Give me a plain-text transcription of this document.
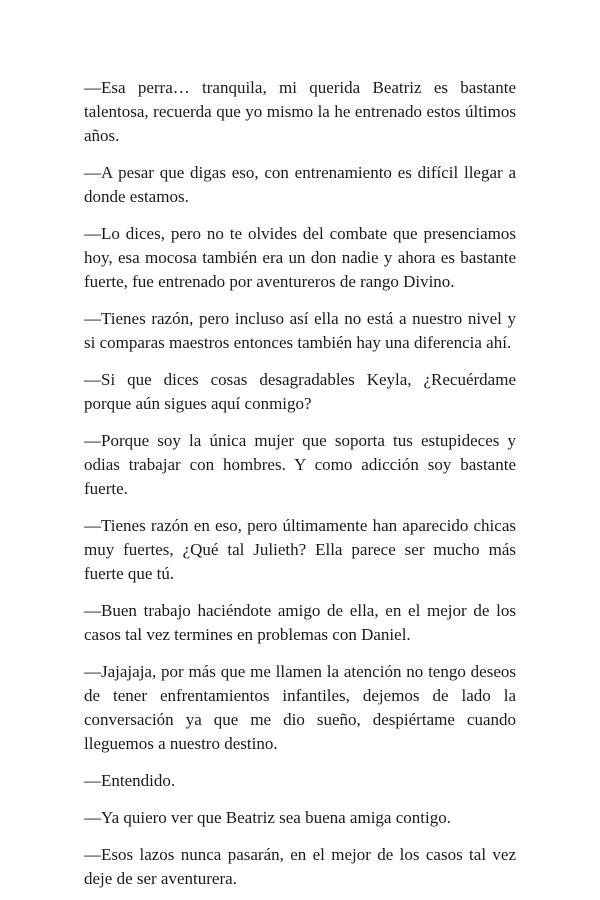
—Esa perra… tranquila, mi querida Beatriz es bastante talentosa, recuerda que yo mismo la he entrenado estos últimos años.

—A pesar que digas eso, con entrenamiento es difícil llegar a donde estamos.

—Lo dices, pero no te olvides del combate que presenciamos hoy, esa mocosa también era un don nadie y ahora es bastante fuerte, fue entrenado por aventureros de rango Divino.

—Tienes razón, pero incluso así ella no está a nuestro nivel y si comparas maestros entonces también hay una diferencia ahí.

—Si que dices cosas desagradables Keyla, ¿Recuérdame porque aún sigues aquí conmigo?

—Porque soy la única mujer que soporta tus estupideces y odias trabajar con hombres. Y como adicción soy bastante fuerte.

—Tienes razón en eso, pero últimamente han aparecido chicas muy fuertes, ¿Qué tal Julieth? Ella parece ser mucho más fuerte que tú.

—Buen trabajo haciéndote amigo de ella, en el mejor de los casos tal vez termines en problemas con Daniel.

—Jajajaja, por más que me llamen la atención no tengo deseos de tener enfrentamientos infantiles, dejemos de lado la conversación ya que me dio sueño, despiértame cuando lleguemos a nuestro destino.

—Entendido.

—Ya quiero ver que Beatriz sea buena amiga contigo.

—Esos lazos nunca pasarán, en el mejor de los casos tal vez deje de ser aventurera.
